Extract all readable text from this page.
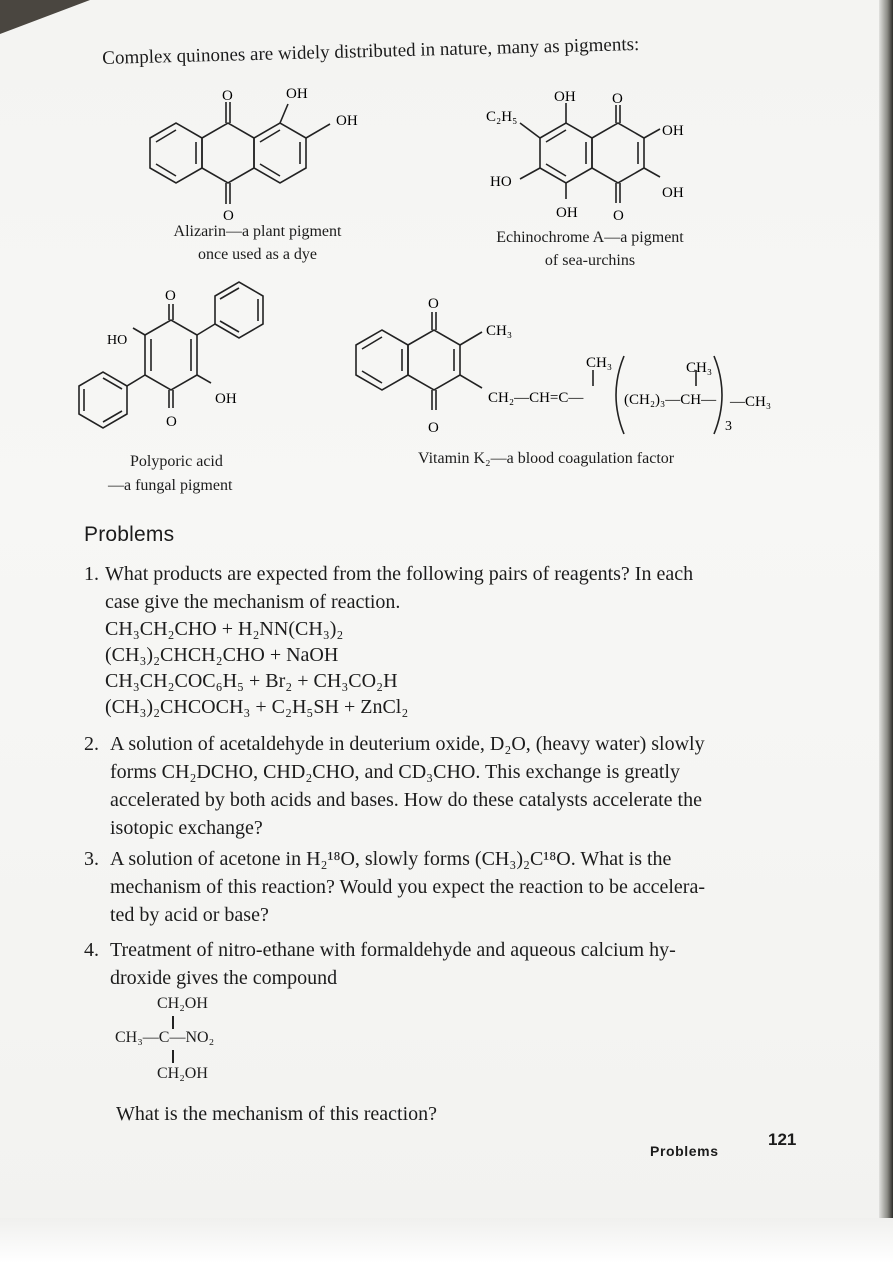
Complex quinones are widely distributed in nature, many as pigments:
O	OH
OH
O
Alizarin—a plant pigment
once used as a dye
C₂H₅
OH O
OH
HO
OH
OH O
Echinochrome A—a pigment
of sea-urchins
O
HO
OH
O
Polyporic acid
—a fungal pigment
O
CH₃
O
CH₃	CH₃
CH₂—CH=C—	(CH₂)₃—CH— —CH₃
3
Vitamin K₂—a blood coagulation factor
Problems
1. What products are expected from the following pairs of reagents? In each
case give the mechanism of reaction.
CH₃CH₂CHO + H₂NN(CH₃)₂
(CH₃)₂CHCH₂CHO + NaOH
CH₃CH₂COC₆H₅ + Br₂ + CH₃CO₂H
(CH₃)₂CHCOCH₃ + C₂H₅SH + ZnCl₂
2. A solution of acetaldehyde in deuterium oxide, D₂O, (heavy water) slowly
forms CH₂DCHO, CHD₂CHO, and CD₃CHO. This exchange is greatly
accelerated by both acids and bases. How do these catalysts accelerate the
isotopic exchange?
3. A solution of acetone in H₂¹⁸O, slowly forms (CH₃)₂C¹⁸O. What is the
mechanism of this reaction? Would you expect the reaction to be accelera-
ted by acid or base?
4. Treatment of nitro-ethane with formaldehyde and aqueous calcium hy-
droxide gives the compound
CH₂OH
CH₃—C—NO₂
CH₂OH
What is the mechanism of this reaction?
Problems
121
